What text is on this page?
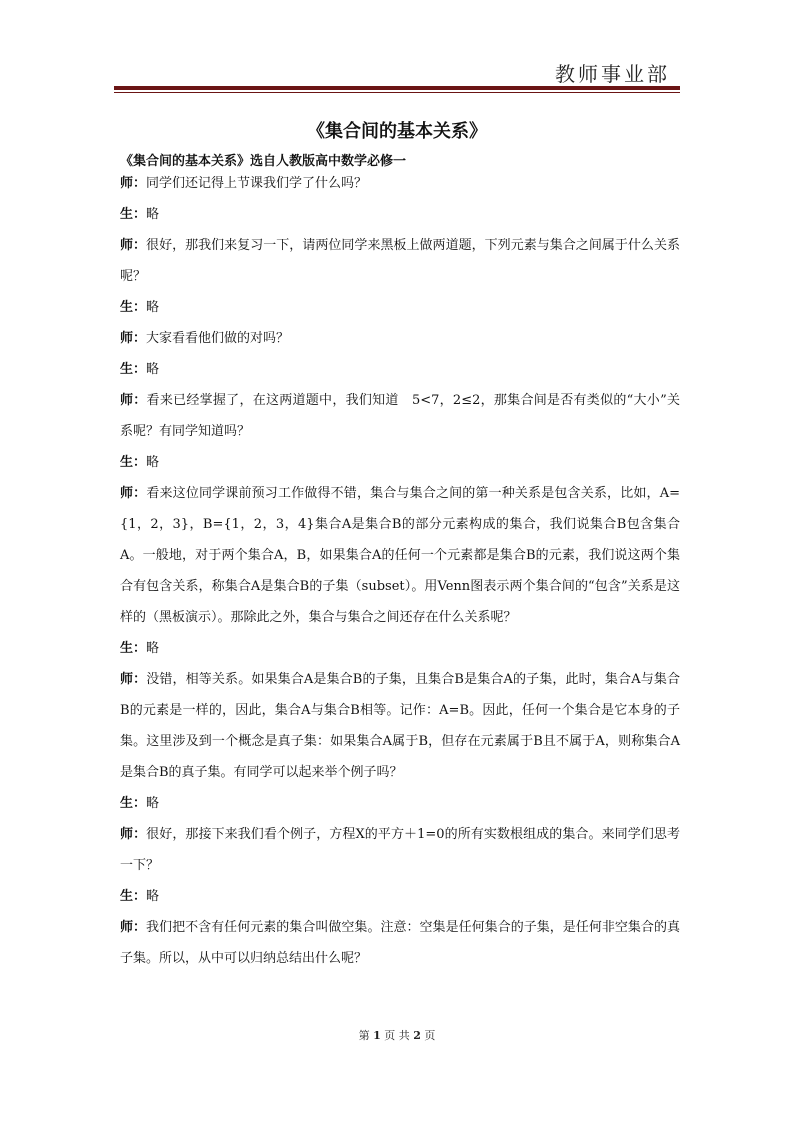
教师事业部
《集合间的基本关系》
《集合间的基本关系》选自人教版高中数学必修一

师：同学们还记得上节课我们学了什么吗？

生：略

师：很好，那我们来复习一下，请两位同学来黑板上做两道题，下列元素与集合之间属于什么关系呢？

生：略

师：大家看看他们做的对吗？

生：略

师：看来已经掌握了，在这两道题中，我们知道　5<7，2≤2，那集合间是否有类似的“大小”关系呢？有同学知道吗？

生：略

师：看来这位同学课前预习工作做得不错，集合与集合之间的第一种关系是包含关系，比如，A={1，2，3}，B={1，2，3，4}集合A是集合B的部分元素构成的集合，我们说集合B包含集合A。一般地，对于两个集合A，B，如果集合A的任何一个元素都是集合B的元素，我们说这两个集合有包含关系，称集合A是集合B的子集（subset）。用Venn图表示两个集合间的“包含”关系是这样的（黑板演示）。那除此之外，集合与集合之间还存在什么关系呢？

生：略

师：没错，相等关系。如果集合A是集合B的子集，且集合B是集合A的子集，此时，集合A与集合B的元素是一样的，因此，集合A与集合B相等。记作：A=B。因此，任何一个集合是它本身的子集。这里涉及到一个概念是真子集：如果集合A属于B，但存在元素属于B且不属于A，则称集合A是集合B的真子集。有同学可以起来举个例子吗？

生：略

师：很好，那接下来我们看个例子，方程X的平方＋1=0的所有实数根组成的集合。来同学们思考一下？

生：略

师：我们把不含有任何元素的集合叫做空集。注意：空集是任何集合的子集，是任何非空集合的真子集。所以，从中可以归纳总结出什么呢？

第 1 页 共 2 页
